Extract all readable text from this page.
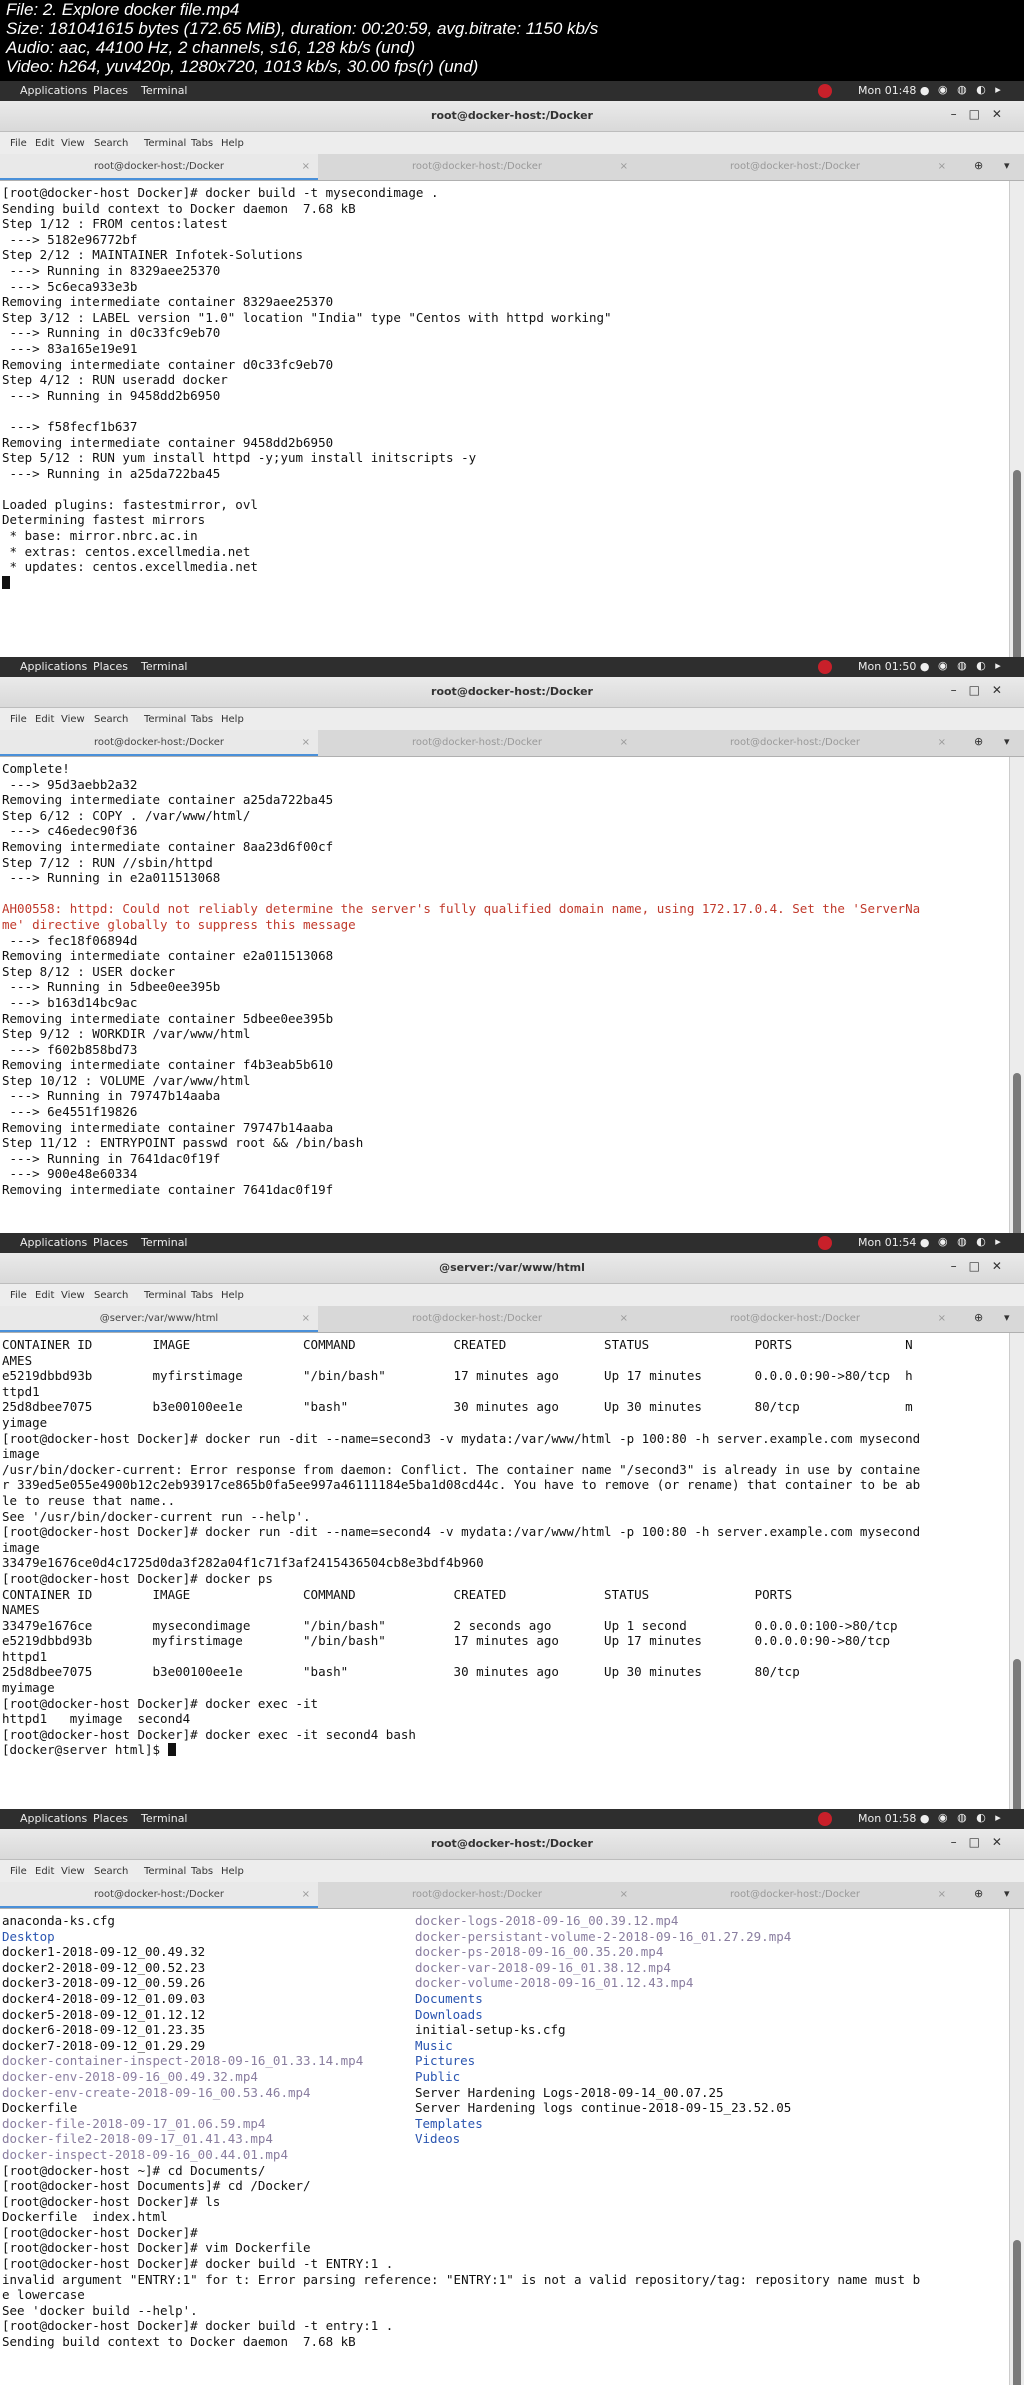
File: 2. Explore docker file.mp4
Size: 181041615 bytes (172.65 MiB), duration: 00:20:59, avg.bitrate: 1150 kb/s
Audio: aac, 44100 Hz, 2 channels, s16, 128 kb/s (und)
Video: h264, yuv420p, 1280x720, 1013 kb/s, 30.00 fps(r) (und)
Applications Places Terminal	Mon 01:48 ● ◉ ◍ ◐ ▸
root@docker-host:/Docker	–□✕
File Edit View Search Terminal Tabs Help
root@docker-host:/Docker	×	root@docker-host:/Docker	×	root@docker-host:/Docker	×	⊕ ▾
[root@docker-host Docker]# docker build -t mysecondimage .
Sending build context to Docker daemon  7.68 kB
Step 1/12 : FROM centos:latest
---> 5182e96772bf
Step 2/12 : MAINTAINER Infotek-Solutions
---> Running in 8329aee25370
---> 5c6eca933e3b
Removing intermediate container 8329aee25370
Step 3/12 : LABEL version "1.0" location "India" type "Centos with httpd working"
---> Running in d0c33fc9eb70
---> 83a165e19e91
Removing intermediate container d0c33fc9eb70
Step 4/12 : RUN useradd docker
---> Running in 9458dd2b6950

---> f58fecf1b637
Removing intermediate container 9458dd2b6950
Step 5/12 : RUN yum install httpd -y;yum install initscripts -y
---> Running in a25da722ba45

Loaded plugins: fastestmirror, ovl
Determining fastest mirrors
* base: mirror.nbrc.ac.in
* extras: centos.excellmedia.net
* updates: centos.excellmedia.net
Applications Places Terminal	Mon 01:50 ● ◉ ◍ ◐ ▸
root@docker-host:/Docker	–□✕
File Edit View Search Terminal Tabs Help
root@docker-host:/Docker	×	root@docker-host:/Docker	×	root@docker-host:/Docker	×	⊕ ▾
Complete!
---> 95d3aebb2a32
Removing intermediate container a25da722ba45
Step 6/12 : COPY . /var/www/html/
---> c46edec90f36
Removing intermediate container 8aa23d6f00cf
Step 7/12 : RUN //sbin/httpd
---> Running in e2a011513068

AH00558: httpd: Could not reliably determine the server's fully qualified domain name, using 172.17.0.4. Set the 'ServerNa
me' directive globally to suppress this message
---> fec18f06894d
Removing intermediate container e2a011513068
Step 8/12 : USER docker
---> Running in 5dbee0ee395b
---> b163d14bc9ac
Removing intermediate container 5dbee0ee395b
Step 9/12 : WORKDIR /var/www/html
---> f602b858bd73
Removing intermediate container f4b3eab5b610
Step 10/12 : VOLUME /var/www/html
---> Running in 79747b14aaba
---> 6e4551f19826
Removing intermediate container 79747b14aaba
Step 11/12 : ENTRYPOINT passwd root && /bin/bash
---> Running in 7641dac0f19f
---> 900e48e60334
Removing intermediate container 7641dac0f19f
Applications Places Terminal	Mon 01:54 ● ◉ ◍ ◐ ▸
@server:/var/www/html	–□✕
File Edit View Search Terminal Tabs Help
@server:/var/www/html	×	root@docker-host:/Docker	×	root@docker-host:/Docker	×	⊕ ▾
CONTAINER ID        IMAGE               COMMAND             CREATED             STATUS              PORTS               N
AMES
e5219dbbd93b        myfirstimage        "/bin/bash"         17 minutes ago      Up 17 minutes       0.0.0.0:90->80/tcp  h
ttpd1
25d8dbee7075        b3e00100ee1e        "bash"              30 minutes ago      Up 30 minutes       80/tcp              m
yimage
[root@docker-host Docker]# docker run -dit --name=second3 -v mydata:/var/www/html -p 100:80 -h server.example.com mysecond
image
/usr/bin/docker-current: Error response from daemon: Conflict. The container name "/second3" is already in use by containe
r 339ed5e055e4900b12c2eb93917ce865b0fa5ee997a46111184e5ba1d08cd44c. You have to remove (or rename) that container to be ab
le to reuse that name..
See '/usr/bin/docker-current run --help'.
[root@docker-host Docker]# docker run -dit --name=second4 -v mydata:/var/www/html -p 100:80 -h server.example.com mysecond
image
33479e1676ce0d4c1725d0da3f282a04f1c71f3af2415436504cb8e3bdf4b960
[root@docker-host Docker]# docker ps
CONTAINER ID        IMAGE               COMMAND             CREATED             STATUS              PORTS
NAMES
33479e1676ce        mysecondimage       "/bin/bash"         2 seconds ago       Up 1 second         0.0.0.0:100->80/tcp
e5219dbbd93b        myfirstimage        "/bin/bash"         17 minutes ago      Up 17 minutes       0.0.0.0:90->80/tcp
httpd1
25d8dbee7075        b3e00100ee1e        "bash"              30 minutes ago      Up 30 minutes       80/tcp
myimage
[root@docker-host Docker]# docker exec -it
httpd1   myimage  second4
[root@docker-host Docker]# docker exec -it second4 bash
[docker@server html]$
Applications Places Terminal	Mon 01:58 ● ◉ ◍ ◐ ▸
root@docker-host:/Docker	–□✕
File Edit View Search Terminal Tabs Help
root@docker-host:/Docker	×	root@docker-host:/Docker	×	root@docker-host:/Docker	×	⊕ ▾
anaconda-ks.cfg	docker-logs-2018-09-16_00.39.12.mp4
Desktop	docker-persistant-volume-2-2018-09-16_01.27.29.mp4
docker1-2018-09-12_00.49.32	docker-ps-2018-09-16_00.35.20.mp4
docker2-2018-09-12_00.52.23	docker-var-2018-09-16_01.38.12.mp4
docker3-2018-09-12_00.59.26	docker-volume-2018-09-16_01.12.43.mp4
docker4-2018-09-12_01.09.03	Documents
docker5-2018-09-12_01.12.12	Downloads
docker6-2018-09-12_01.23.35	initial-setup-ks.cfg
docker7-2018-09-12_01.29.29	Music
docker-container-inspect-2018-09-16_01.33.14.mp4	Pictures
docker-env-2018-09-16_00.49.32.mp4	Public
docker-env-create-2018-09-16_00.53.46.mp4	Server Hardening Logs-2018-09-14_00.07.25
Dockerfile	Server Hardening logs continue-2018-09-15_23.52.05
docker-file-2018-09-17_01.06.59.mp4	Templates
docker-file2-2018-09-17_01.41.43.mp4	Videos
docker-inspect-2018-09-16_00.44.01.mp4
[root@docker-host ~]# cd Documents/
[root@docker-host Documents]# cd /Docker/
[root@docker-host Docker]# ls
Dockerfile  index.html
[root@docker-host Docker]#
[root@docker-host Docker]# vim Dockerfile
[root@docker-host Docker]# docker build -t ENTRY:1 .
invalid argument "ENTRY:1" for t: Error parsing reference: "ENTRY:1" is not a valid repository/tag: repository name must b
e lowercase
See 'docker build --help'.
[root@docker-host Docker]# docker build -t entry:1 .
Sending build context to Docker daemon  7.68 kB
